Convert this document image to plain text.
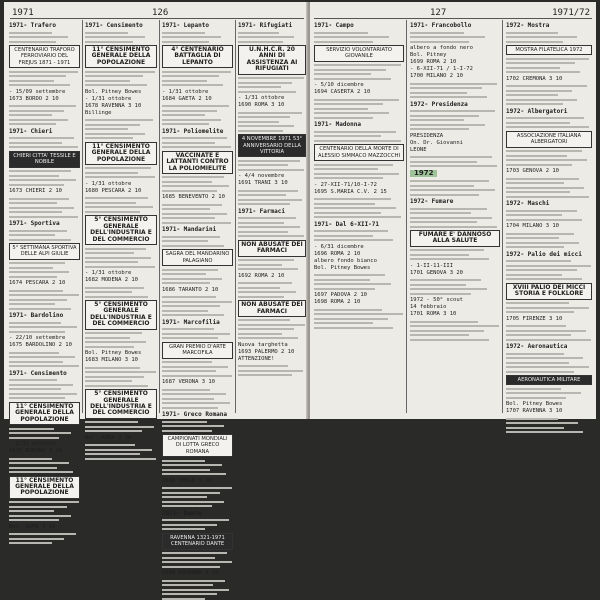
1971	126
1971- Trafero
CENTENARIO TRAFORO FERROVIARIO DEL FREJUS 1871 - 1971
- 15/09 settembre
1673 BORDO 2 10
1971- Chieri
CHIERI CITTA' TESSILE E NOBILE
1673 CHIERI 2 10
1971- Sportiva
5° SETTIMANA SPORTIVA DELLE ALPI GIULIE
1674 PESCARA 2 10
1971- Bardolino
- 22/10 settembre
1675 BARDOLINO 2 10
1971- Censimento
11° CENSIMENTO GENERALE DELLA POPOLAZIONE
- 1/31 ottobre
1676 RIMINI 3 10
11° CENSIMENTO GENERALE DELLA POPOLAZIONE
Bol. ROMA 3 10
1971- Censimento
11° CENSIMENTO GENERALE DELLA POPOLAZIONE
Bol. Pitney Bowes
- 1/31 ottobre
1678 RAVENNA 3 10
Billinge
11° CENSIMENTO GENERALE DELLA POPOLAZIONE
- 1/31 ottobre
1680 PESCARA 2 10
5° CENSIMENTO GENERALE DELL'INDUSTRIA E DEL COMMERCIO
- 1/31 ottobre
1682 MODENA 2 10
5° CENSIMENTO GENERALE DELL'INDUSTRIA E DEL COMMERCIO
Bol. Pitney Bowes
1683 MILANO 3 10
5° CENSIMENTO GENERALE DELL'INDUSTRIA E DEL COMMERCIO
Bol. ROMA 2 10
1971- Lepanto
4° CENTENARIO BATTAGLIA DI LEPANTO
- 1/31 ottobre
1684 GAETA 2 10
1971- Poliomelite
VACCINATE E LATTANTI CONTRO LA POLIOMIELITE
1685 BENEVENTO 2 10
1971- Mandarini
SAGRA DEL MANDARINO PALAGIANO
1686 TARANTO 2 10
1971- Marcofilia
GRAN PREMIO D'ARTE MARCOFILA
1687 VERONA 3 10
1971- Greco Romana
CAMPIONATI MONDIALI DI LOTTA GRECO ROMANA
1688 IMOLA 3 10
1971- Dante
RAVENNA 1321-1971 CENTENARIO DANTE
1689 RAVENNA 3 10
1971- Rifugiati
U.N.H.C.R. 20 ANNI DI ASSISTENZA AI RIFUGIATI
- 1/31 ottobre
1690 ROMA 3 10
4 NOVEMBRE 1971 53° ANNIVERSARIO DELLA VITTORIA
- 4/4 novembre
1691 TRANI 3 10
1971- Farmaci
NON ABUSATE DEI FARMACI
1692 ROMA 2 10
NON ABUSATE DEI FARMACI
Nuova targhetta
1693 PALERMO 2 10
ATTENZIONE!
127	1971/72
1971- Campo
SERVIZIO VOLONTARIATO GIOVANILE
- 5/10 dicembre
1694 CASERTA 2 10
1971- Madonna
CENTENARIO DELLA MORTE DI ALESSIO SIMMACO MAZZOCCHI
- 27-XII-71/10-I-72
1695 S.MARIA C.V. 2 15
1971- Dal 6-XII-71
- 6/31 dicembre
1696 ROMA 2 10
albero fondo bianco
Bol. Pitney Bowes
1697 PADOVA 2 10
1698 ROMA 2 10
1971- Francobollo
albero a fondo nero
Bol. Pitney
1699 ROMA 2 10
- 6-XII-71 / 1-I-72
1700 MILANO 2 10
1972- Presidenza
PRESIDENZA
On. Dr. Giovanni
LEONE
1972
1972- Fumare
FUMARE E' DANNOSO ALLA SALUTE
- 1-II-11-III
1701 GENOVA 3 20
1972 - 50° scout
14 febbraio
1701 ROMA 3 10
1972- Mostra
MOSTRA FILATELICA 1972
1702 CREMONA 3 10
1972- Albergatori
ASSOCIAZIONE ITALIANA ALBERGATORI
1703 GENOVA 2 10
1972- Maschi
1704 MILANO 3 10
1972- Palio dei micci
XVIII PALIO DEI MICCI STORIA E FOLKLORE
1705 FIRENZE 3 10
1972- Aeronautica
AERONAUTICA MILITARE
Bol. Pitney Bowes
1707 RAVENNA 3 10
